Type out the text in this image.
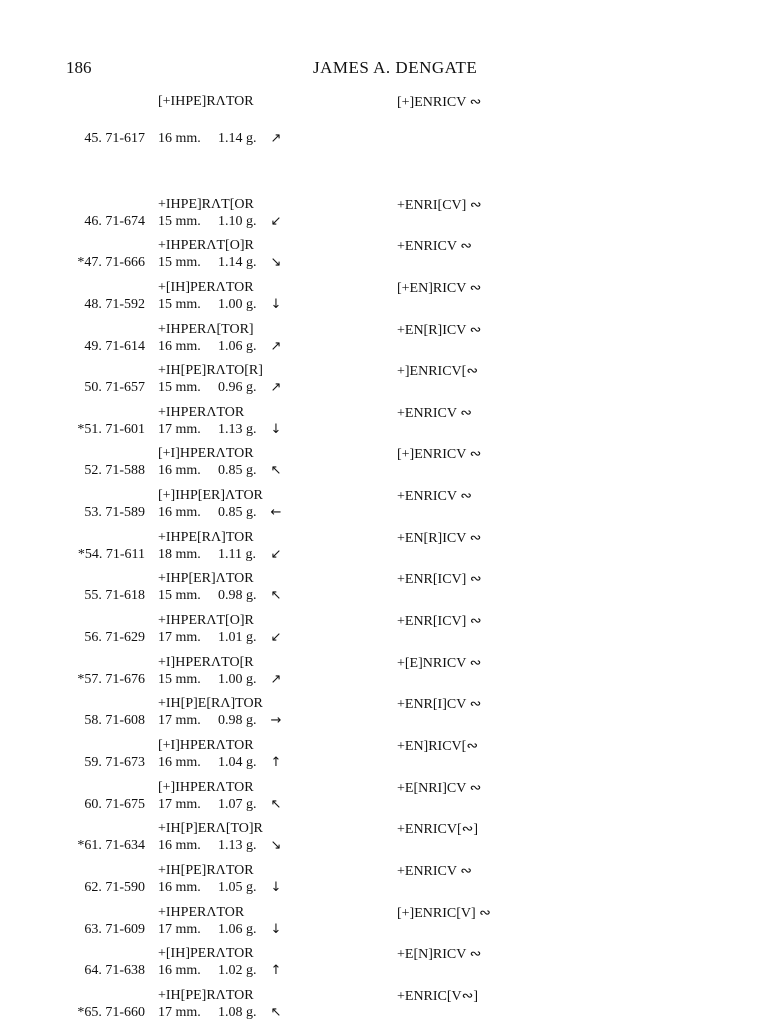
186	JAMES A. DENGATE
[+IHPE]RΛTOR	[+]ENRICV ∾
45. 71-617 16 mm. 1.14 g. ↗
+IHPE]RΛT[OR	+ENRI[CV] ∾
46. 71-674 15 mm. 1.10 g. ↙
+IHPERΛT[O]R	+ENRICV ∾
*47. 71-666 15 mm. 1.14 g. ↘
+[IH]PERΛTOR	[+EN]RICV ∾
48. 71-592 15 mm. 1.00 g. ↓
+IHPERΛ[TOR]	+EN[R]ICV ∾
49. 71-614 16 mm. 1.06 g. ↗
+IH[PE]RΛTO[R]	+]ENRICV[∾
50. 71-657 15 mm. 0.96 g. ↗
+IHPERΛTOR	+ENRICV ∾
*51. 71-601 17 mm. 1.13 g. ↓
[+I]HPERΛTOR	[+]ENRICV ∾
52. 71-588 16 mm. 0.85 g. ↖
[+]IHP[ER]ΛTOR	+ENRICV ∾
53. 71-589 16 mm. 0.85 g. ←
+IHPE[RΛ]TOR	+EN[R]ICV ∾
*54. 71-611 18 mm. 1.11 g. ↙
+IHP[ER]ΛTOR	+ENR[ICV] ∾
55. 71-618 15 mm. 0.98 g. ↖
+IHPERΛT[O]R	+ENR[ICV] ∾
56. 71-629 17 mm. 1.01 g. ↙
+I]HPERΛTO[R	+[E]NRICV ∾
*57. 71-676 15 mm. 1.00 g. ↗
+IH[P]E[RΛ]TOR	+ENR[I]CV ∾
58. 71-608 17 mm. 0.98 g. →
[+I]HPERΛTOR	+EN]RICV[∾
59. 71-673 16 mm. 1.04 g. ↑
[+]IHPERΛTOR	+E[NRI]CV ∾
60. 71-675 17 mm. 1.07 g. ↖
+IH[P]ERΛ[TO]R	+ENRICV[∾]
*61. 71-634 16 mm. 1.13 g. ↘
+IH[PE]RΛTOR	+ENRICV ∾
62. 71-590 16 mm. 1.05 g. ↓
+IHPERΛTOR	[+]ENRIC[V] ∾
63. 71-609 17 mm. 1.06 g. ↓
+[IH]PERΛTOR	+E[N]RICV ∾
64. 71-638 16 mm. 1.02 g. ↑
+IH[PE]RΛTOR	+ENRIC[V∾]
*65. 71-660 17 mm. 1.08 g. ↖
